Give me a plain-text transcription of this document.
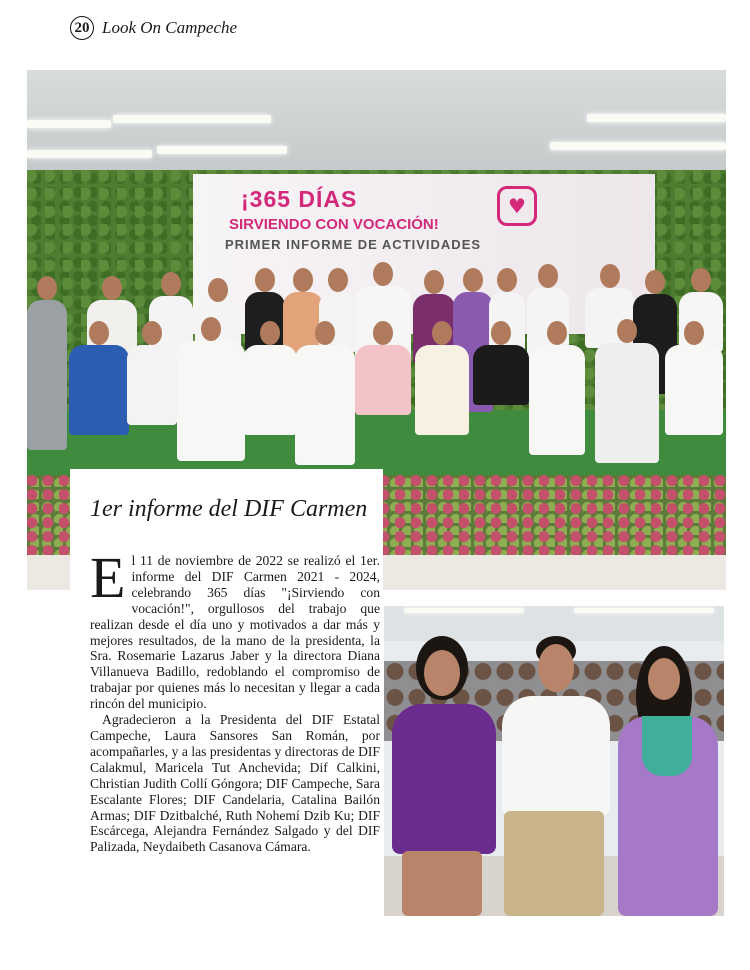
20 Look On Campeche
¡365 DÍAS
SIRVIENDO CON VOCACIÓN!
PRIMER INFORME DE ACTIVIDADES
♥
1er informe del DIF Carmen

El 11 de noviembre de 2022 se realizó el 1er. informe del DIF Carmen 2021 - 2024, celebrando 365 días "¡Sirviendo con vocación!", orgullosos del trabajo que realizan desde el día uno y motivados a dar más y mejores resultados, de la mano de la presidenta, la Sra. Rosemarie Lazarus Jaber y la directora Diana Villanueva Badillo, redoblando el compromiso de trabajar por quienes más lo necesitan y llegar a cada rincón del municipio.

Agradecieron a la Presidenta del DIF Estatal Campeche, Laura Sansores San Román, por acompañarles, y a las presidentas y directoras de DIF Calakmul, Maricela Tut Anchevida; Dif Calkini, Christian Judith Collí Góngora; DIF Campeche, Sara Escalante Flores; DIF Candelaria, Catalina Bailón Armas; DIF Dzitbalché, Ruth Nohemí Dzib Ku; DIF Escárcega, Alejandra Fernández Salgado y del DIF Palizada, Neydaibeth Casanova Cámara.
